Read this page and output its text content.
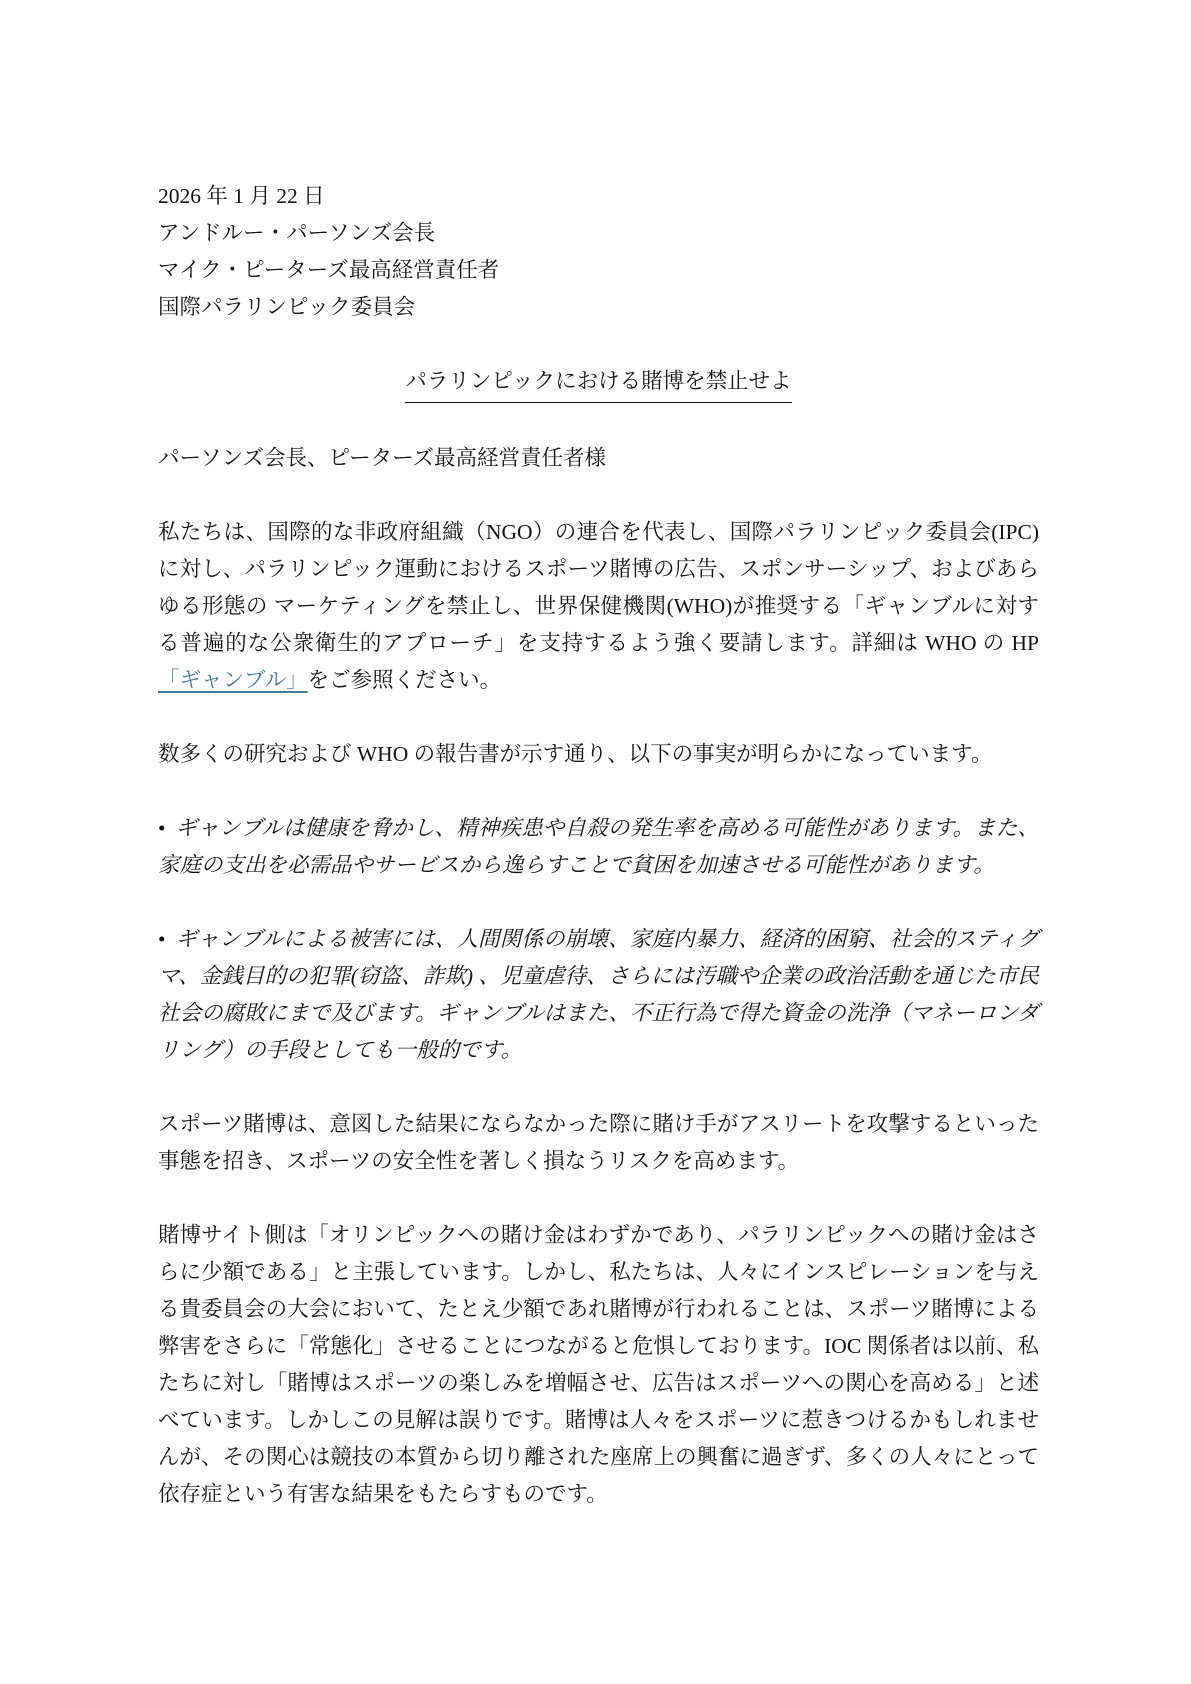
2026 年 1 月 22 日
アンドルー・パーソンズ会長
マイク・ピーターズ最高経営責任者
国際パラリンピック委員会
パラリンピックにおける賭博を禁止せよ
パーソンズ会長、ピーターズ最高経営責任者様
私たちは、国際的な非政府組織（NGO）の連合を代表し、国際パラリンピック委員会(IPC)に対し、パラリンピック運動におけるスポーツ賭博の広告、スポンサーシップ、およびあらゆる形態の マーケティングを禁止し、世界保健機関(WHO)が推奨する「ギャンブルに対する普遍的な公衆衛生的アプローチ」を支持するよう強く要請します。詳細は WHO の HP 「ギャンブル」をご参照ください。
数多くの研究および WHO の報告書が示す通り、以下の事実が明らかになっています。
• ギャンブルは健康を脅かし、精神疾患や自殺の発生率を高める可能性があります。また、家庭の支出を必需品やサービスから逸らすことで貧困を加速させる可能性があります。
• ギャンブルによる被害には、人間関係の崩壊、家庭内暴力、経済的困窮、社会的スティグマ、金銭目的の犯罪(窃盗、詐欺) 、児童虐待、さらには汚職や企業の政治活動を通じた市民社会の腐敗にまで及びます。ギャンブルはまた、不正行為で得た資金の洗浄（マネーロンダリング）の手段としても一般的です。
スポーツ賭博は、意図した結果にならなかった際に賭け手がアスリートを攻撃するといった事態を招き、スポーツの安全性を著しく損なうリスクを高めます。
賭博サイト側は「オリンピックへの賭け金はわずかであり、パラリンピックへの賭け金はさらに少額である」と主張しています。しかし、私たちは、人々にインスピレーションを与える貴委員会の大会において、たとえ少額であれ賭博が行われることは、スポーツ賭博による弊害をさらに「常態化」させることにつながると危惧しております。IOC 関係者は以前、私たちに対し「賭博はスポーツの楽しみを増幅させ、広告はスポーツへの関心を高める」と述べています。しかしこの見解は誤りです。賭博は人々をスポーツに惹きつけるかもしれませんが、その関心は競技の本質から切り離された座席上の興奮に過ぎず、多くの人々にとって依存症という有害な結果をもたらすものです。
